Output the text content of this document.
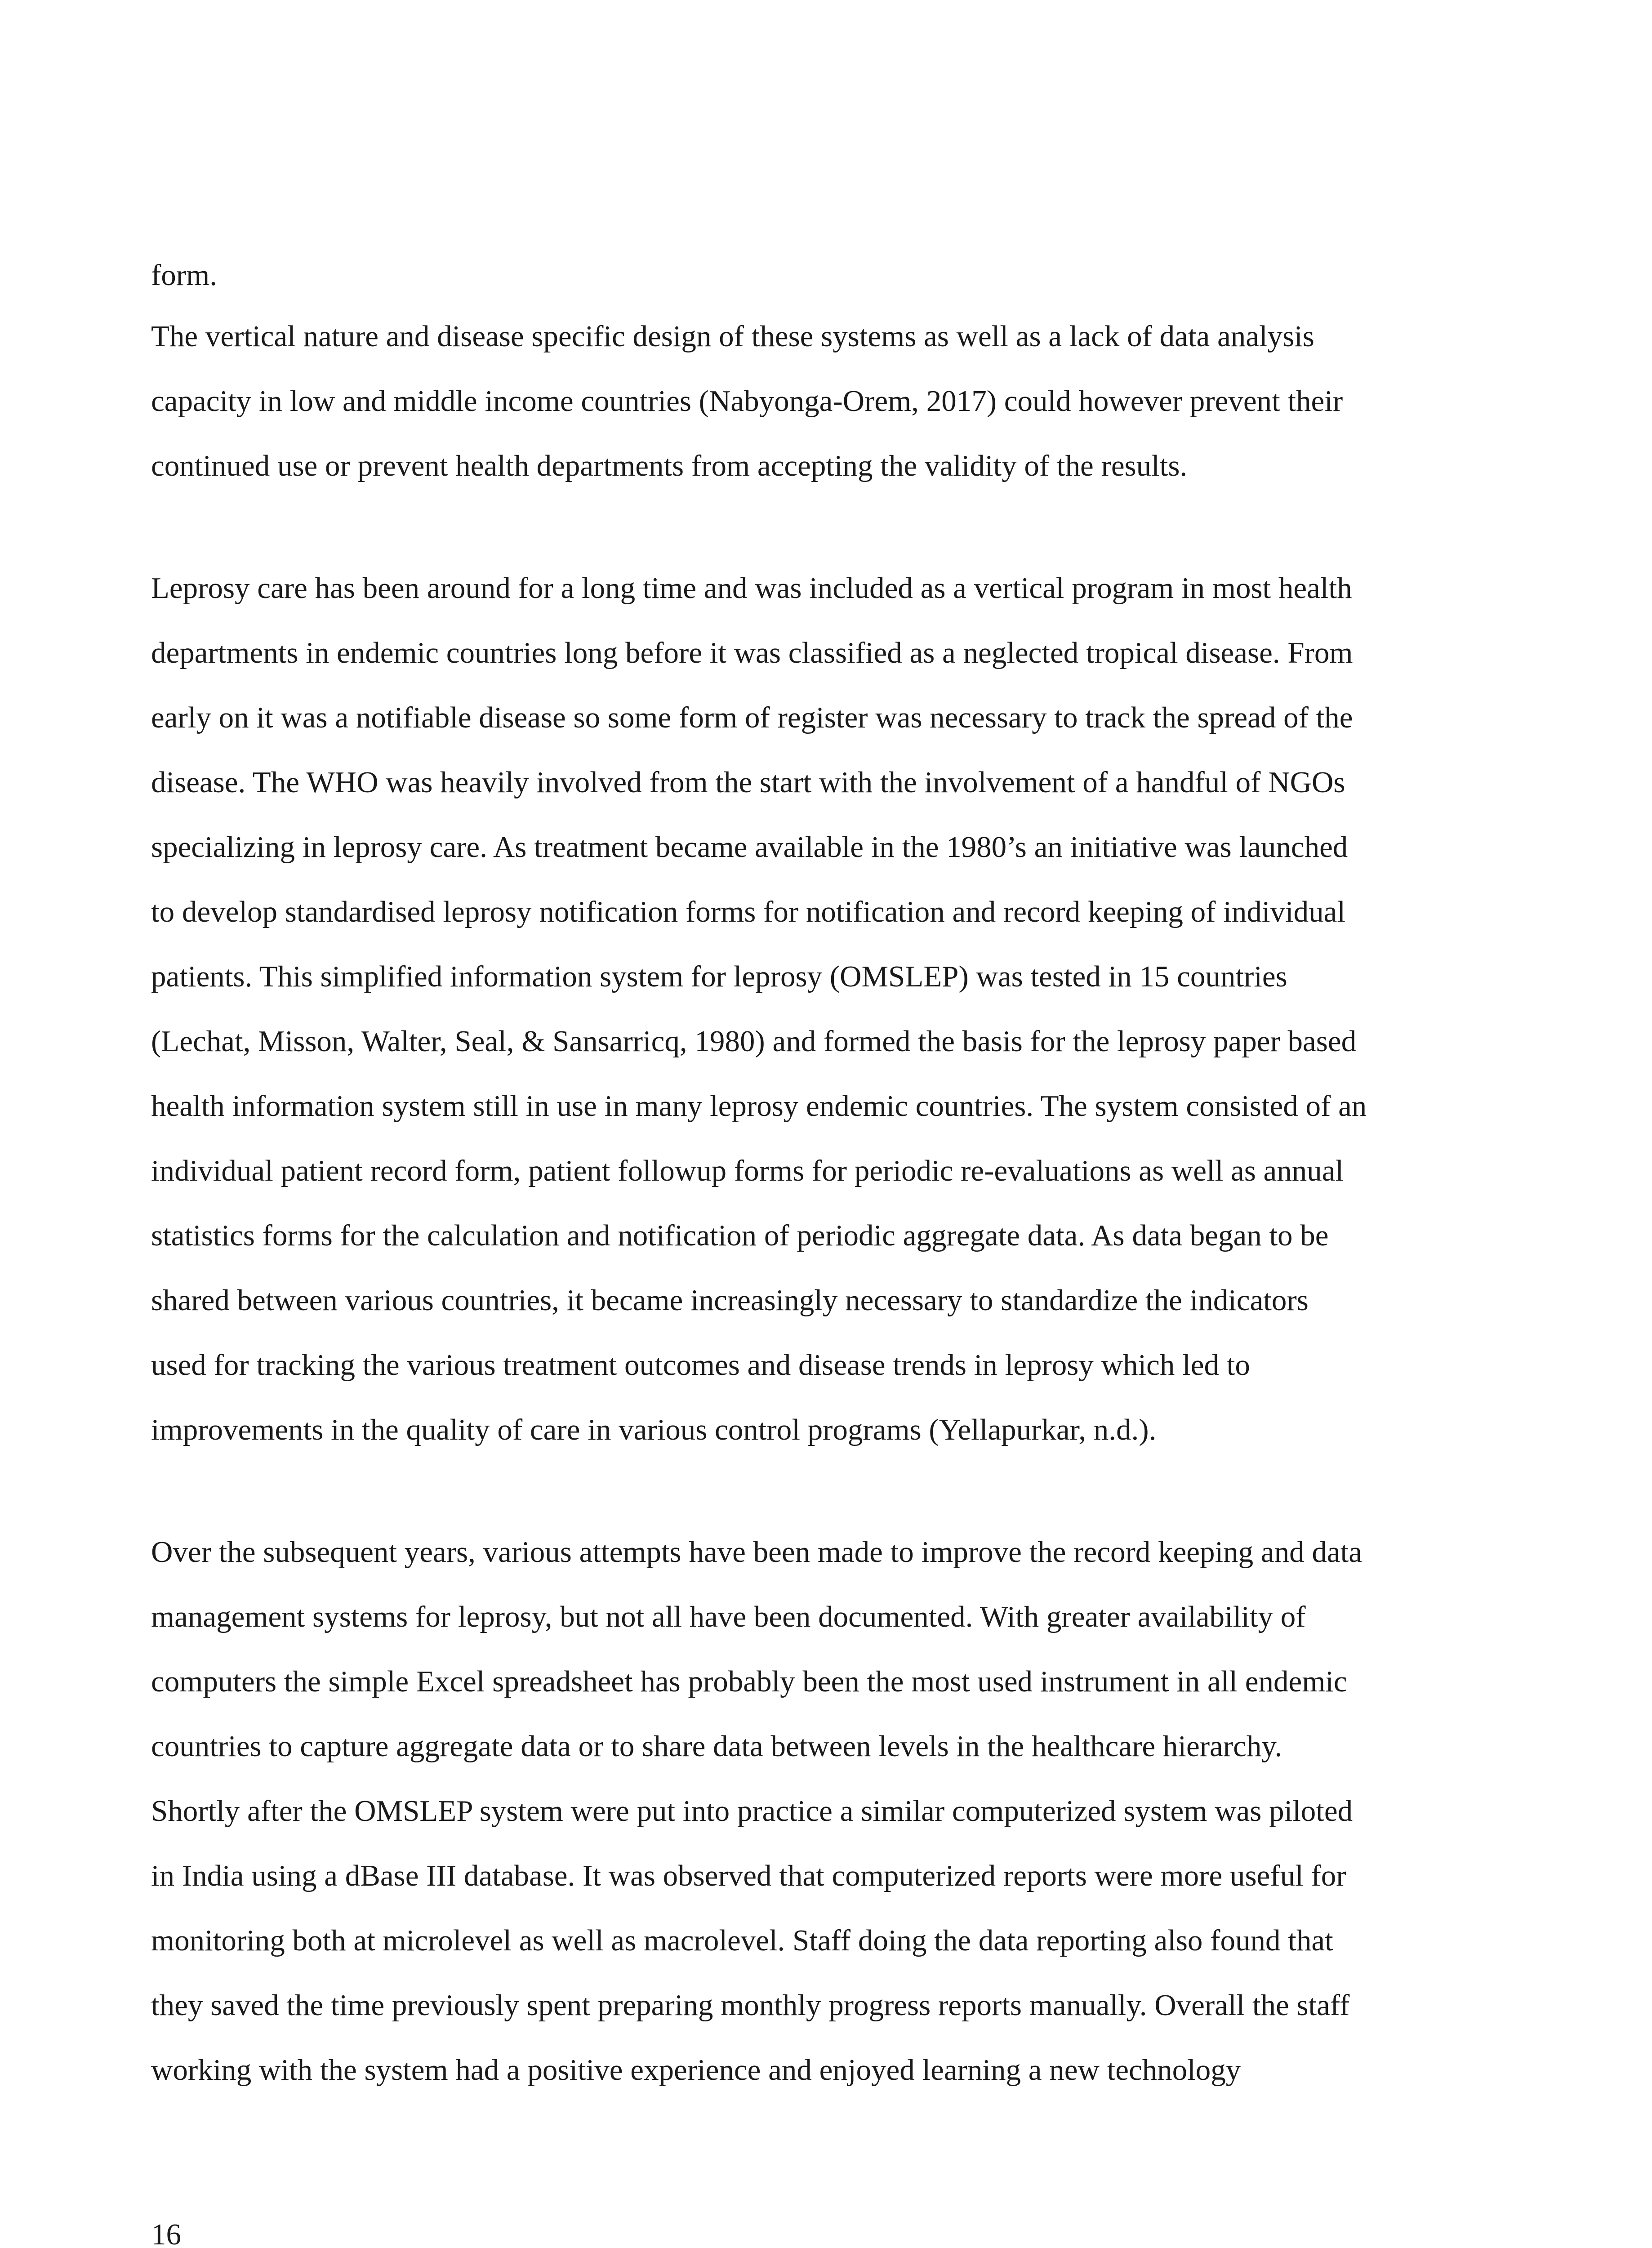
form.
The vertical nature and disease specific design of these systems as well as a lack of data analysis
capacity in low and middle income countries (Nabyonga-Orem, 2017) could however prevent their
continued use or prevent health departments from accepting the validity of the results.
Leprosy care has been around for a long time and was included as a vertical program in most health
departments in endemic countries long before it was classified as a neglected tropical disease. From
early on it was a notifiable disease so some form of register was necessary to track the spread of the
disease. The WHO was heavily involved from the start with the involvement of a handful of NGOs
specializing in leprosy care. As treatment became available in the 1980’s an initiative was launched
to develop standardised leprosy notification forms for notification and record keeping of individual
patients. This simplified information system for leprosy (OMSLEP) was tested in 15 countries
(Lechat, Misson, Walter, Seal, & Sansarricq, 1980) and formed the basis for the leprosy paper based
health information system still in use in many leprosy endemic countries. The system consisted of an
individual patient record form, patient followup forms for periodic re-evaluations as well as annual
statistics forms for the calculation and notification of periodic aggregate data. As data began to be
shared between various countries, it became increasingly necessary to standardize the indicators
used for tracking the various treatment outcomes and disease trends in leprosy which led to
improvements in the quality of care in various control programs (Yellapurkar, n.d.).
Over the subsequent years, various attempts have been made to improve the record keeping and data
management systems for leprosy, but not all have been documented. With greater availability of
computers the simple Excel spreadsheet has probably been the most used instrument in all endemic
countries to capture aggregate data or to share data between levels in the healthcare hierarchy.
Shortly after the OMSLEP system were put into practice a similar computerized system was piloted
in India using a dBase III database. It was observed that computerized reports were more useful for
monitoring both at microlevel as well as macrolevel. Staff doing the data reporting also found that
they saved the time previously spent preparing monthly progress reports manually. Overall the staff
working with the system had a positive experience and enjoyed learning a new technology
16
